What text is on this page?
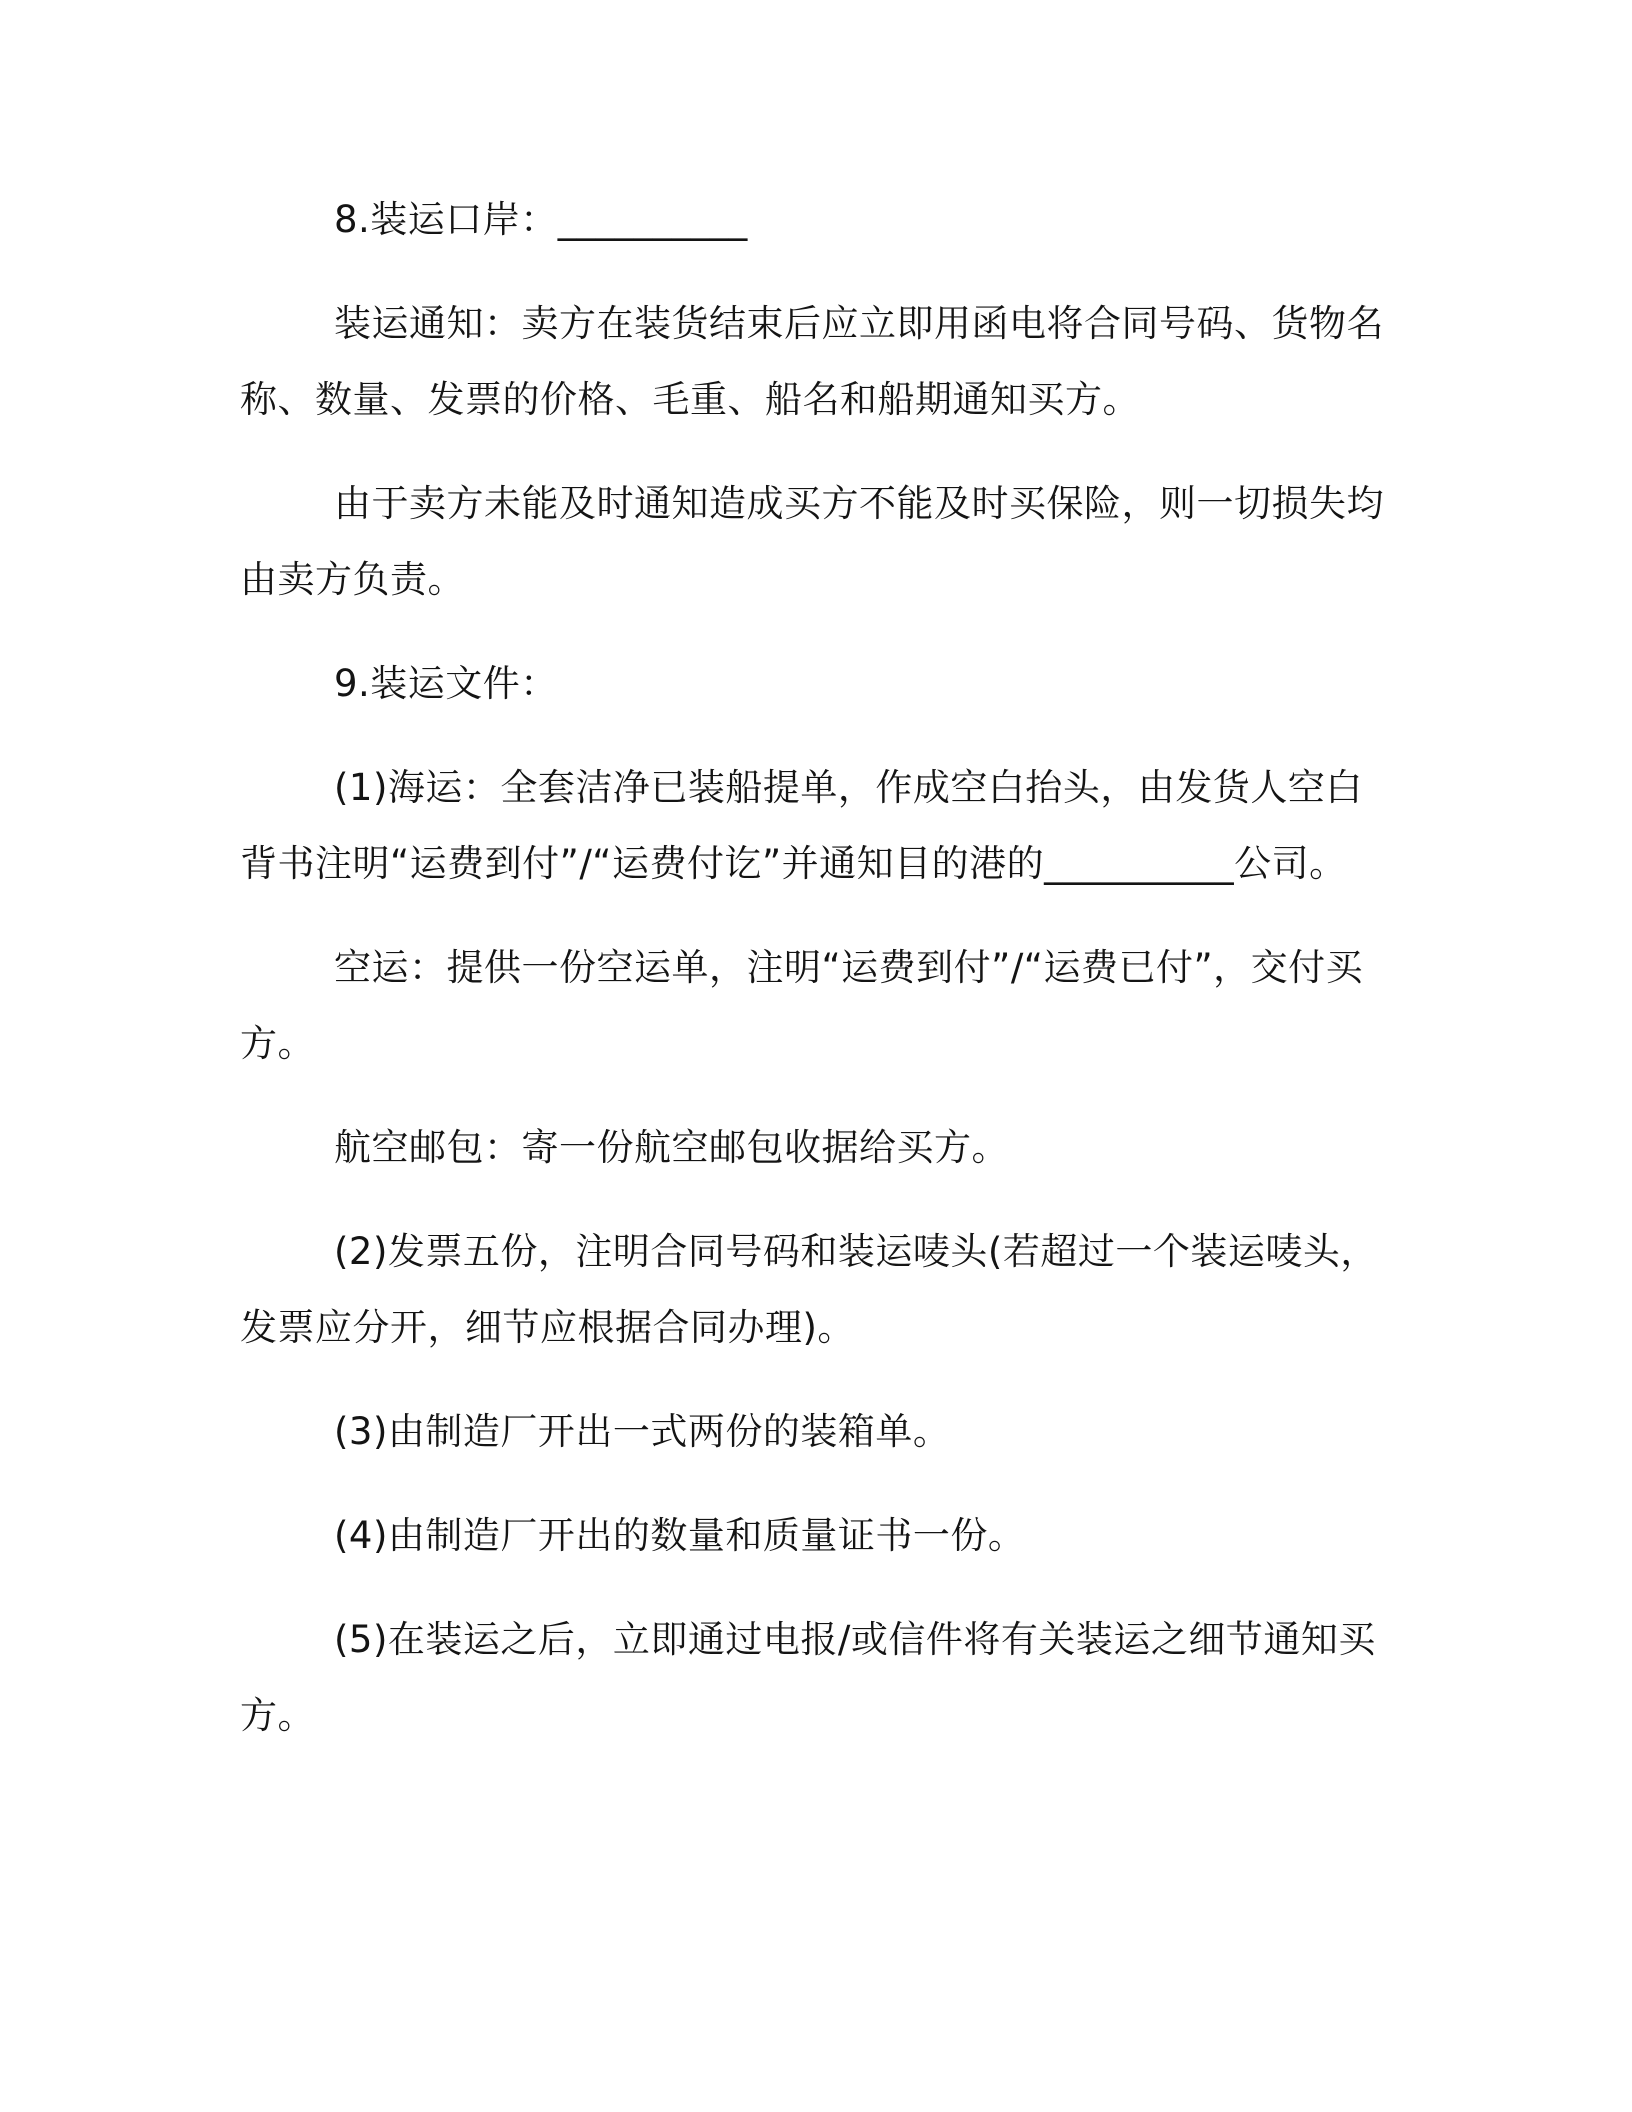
8.装运口岸：__________

装运通知：卖方在装货结束后应立即用函电将合同号码、货物名称、数量、发票的价格、毛重、船名和船期通知买方。

由于卖方未能及时通知造成买方不能及时买保险，则一切损失均由卖方负责。

9.装运文件：

(1)海运：全套洁净已装船提单，作成空白抬头，由发货人空白背书注明“运费到付”/“运费付讫”并通知目的港的__________公司。

空运：提供一份空运单，注明“运费到付”/“运费已付”，交付买方。

航空邮包：寄一份航空邮包收据给买方。

(2)发票五份，注明合同号码和装运唛头(若超过一个装运唛头，发票应分开，细节应根据合同办理)。

(3)由制造厂开出一式两份的装箱单。

(4)由制造厂开出的数量和质量证书一份。

(5)在装运之后，立即通过电报/或信件将有关装运之细节通知买方。
